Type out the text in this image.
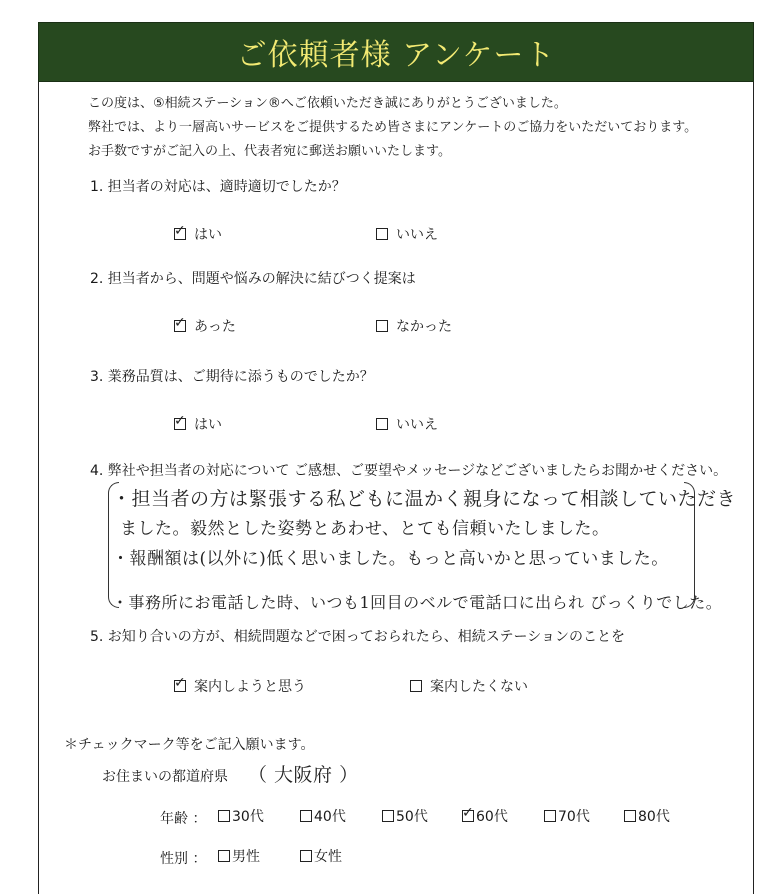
ご依頼者様 アンケート
この度は、⑤相続ステーション®へご依頼いただき誠にありがとうございました。
弊社では、より一層高いサービスをご提供するため皆さまにアンケートのご協力をいただいております。
お手数ですがご記入の上、代表者宛に郵送お願いいたします。
1. 担当者の対応は、適時適切でしたか？
✓
はい	いいえ
2. 担当者から、問題や悩みの解決に結びつく提案は
✓
あった	なかった
3. 業務品質は、ご期待に添うものでしたか？
✓
はい	いいえ
4. 弊社や担当者の対応について ご感想、ご要望やメッセージなどございましたらお聞かせください。
・担当者の方は緊張する私どもに温かく親身になって相談していただき
ました。毅然とした姿勢とあわせ、とても信頼いたしました。
・報酬額は(以外に)低く思いました。もっと高いかと思っていました。
・事務所にお電話した時、いつも1回目のベルで電話口に出られ びっくりでした。
5. お知り合いの方が、相続問題などで困っておられたら、相続ステーションのことを
✓
案内しようと思う	案内したくない
＊チェックマーク等をご記入願います。
お住まいの都道府県 （ 大阪府 ）
年齢 ： 30代	40代	50代
✓	60代	70代	80代
性別 ： 男性	女性
